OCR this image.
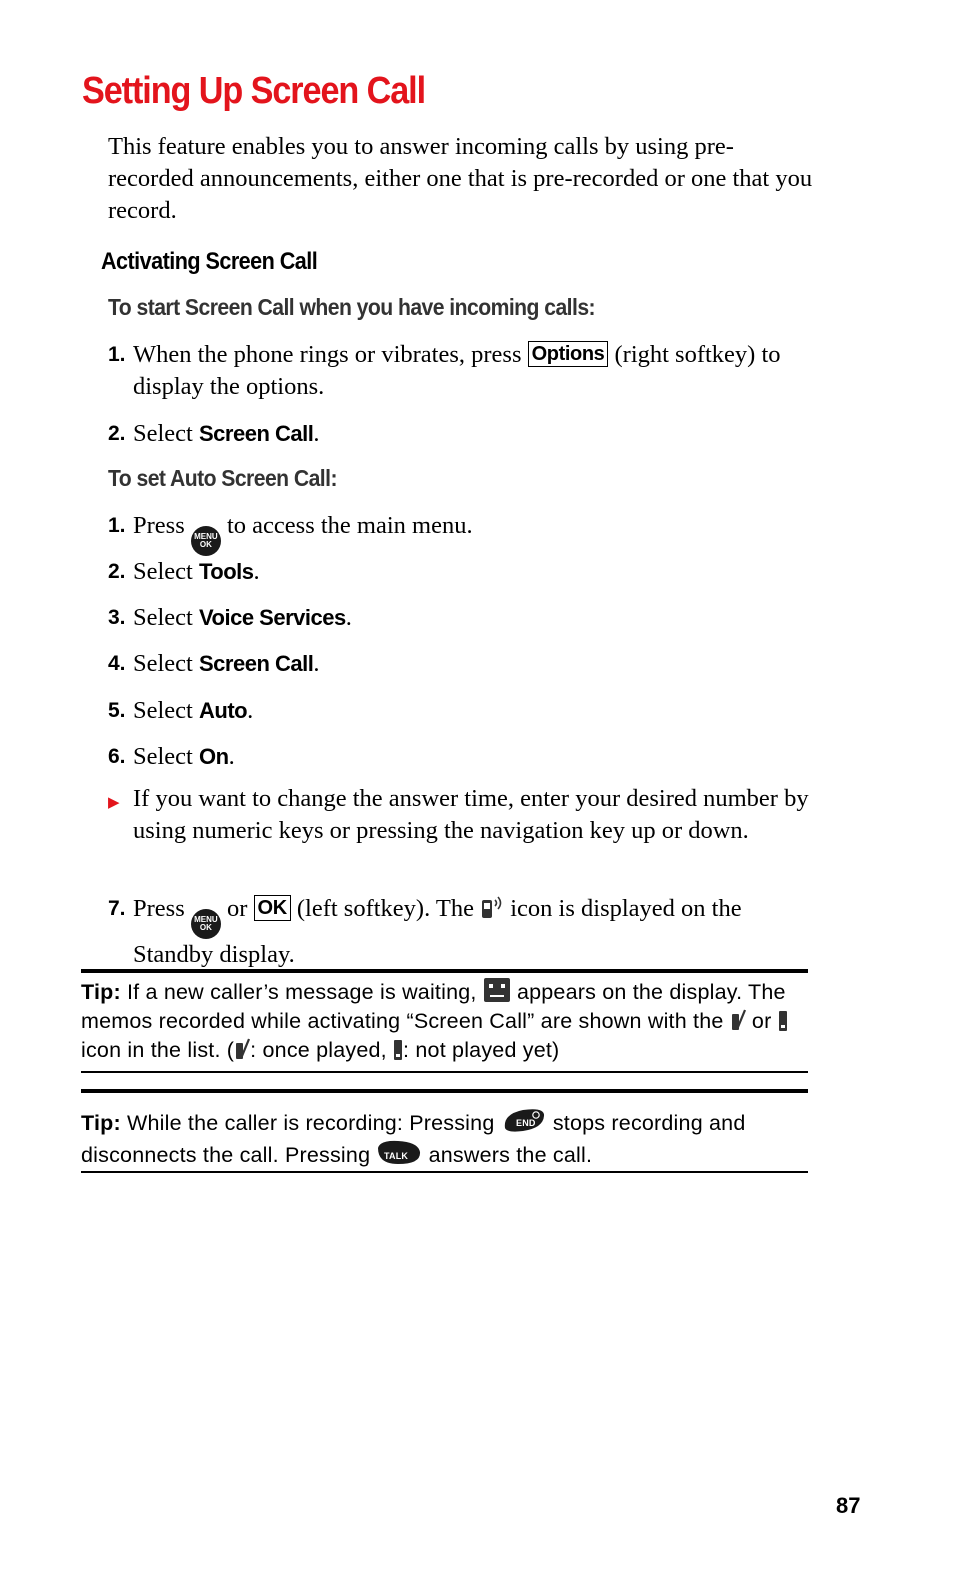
Setting Up Screen Call
This feature enables you to answer incoming calls by using pre-recorded announcements, either one that is pre-recorded or one that you record.
Activating Screen Call
To start Screen Call when you have incoming calls:
1. When the phone rings or vibrates, press Options (right softkey) to display the options.
2. Select Screen Call.
To set Auto Screen Call:
1. Press MENU
OK
to access the main menu.
2. Select Tools.
3. Select Voice Services.
4. Select Screen Call.
5. Select Auto.
6. Select On.
▶ If you want to change the answer time, enter your desired number by using numeric keys or pressing the navigation key up or down.
7. Press MENU
OK
or OK (left softkey). The icon is displayed on the Standby display.
Tip: If a new caller’s message is waiting, appears on the display. The memos recorded while activating “Screen Call” are shown with the or  icon in the list. ( : once played, : not played yet)
Tip: While the caller is recording: Pressing END stops recording and disconnects the call. Pressing TALK answers the call.
87
